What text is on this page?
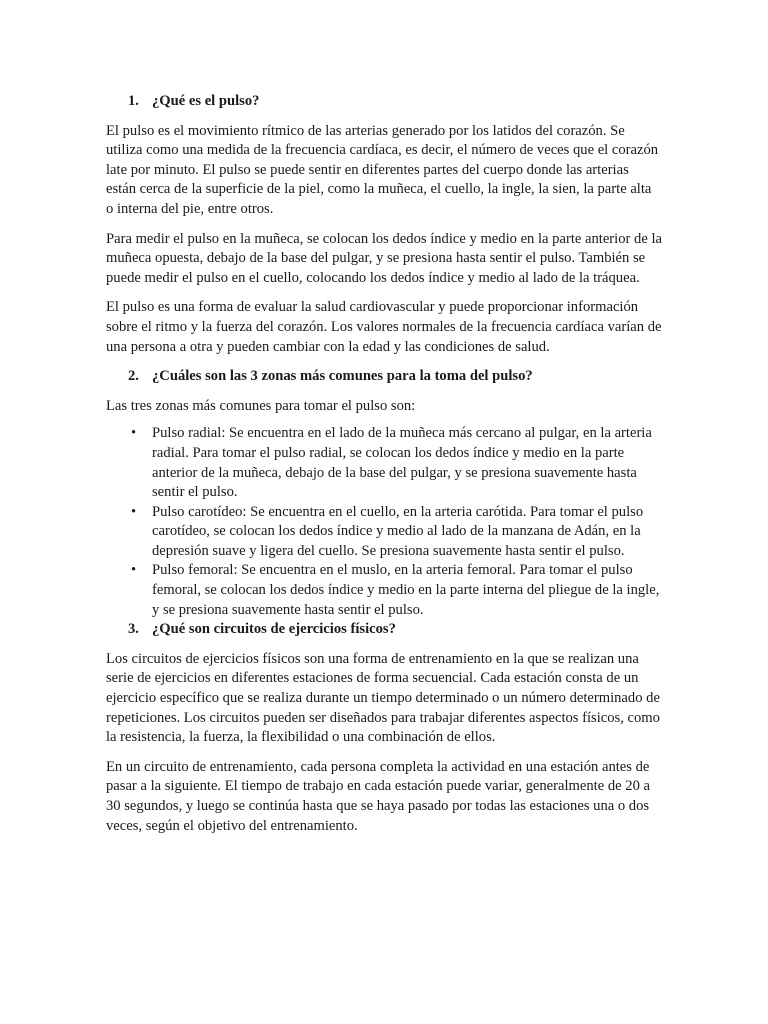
1. ¿Qué es el pulso?

El pulso es el movimiento rítmico de las arterias generado por los latidos del corazón. Se utiliza como una medida de la frecuencia cardíaca, es decir, el número de veces que el corazón late por minuto. El pulso se puede sentir en diferentes partes del cuerpo donde las arterias están cerca de la superficie de la piel, como la muñeca, el cuello, la ingle, la sien, la parte alta o interna del pie, entre otros.

Para medir el pulso en la muñeca, se colocan los dedos índice y medio en la parte anterior de la muñeca opuesta, debajo de la base del pulgar, y se presiona hasta sentir el pulso. También se puede medir el pulso en el cuello, colocando los dedos índice y medio al lado de la tráquea.

El pulso es una forma de evaluar la salud cardiovascular y puede proporcionar información sobre el ritmo y la fuerza del corazón. Los valores normales de la frecuencia cardíaca varían de una persona a otra y pueden cambiar con la edad y las condiciones de salud.

2. ¿Cuáles son las 3 zonas más comunes para la toma del pulso?

Las tres zonas más comunes para tomar el pulso son:

• Pulso radial: Se encuentra en el lado de la muñeca más cercano al pulgar, en la arteria radial. Para tomar el pulso radial, se colocan los dedos índice y medio en la parte anterior de la muñeca, debajo de la base del pulgar, y se presiona suavemente hasta sentir el pulso.
• Pulso carotídeo: Se encuentra en el cuello, en la arteria carótida. Para tomar el pulso carotídeo, se colocan los dedos índice y medio al lado de la manzana de Adán, en la depresión suave y ligera del cuello. Se presiona suavemente hasta sentir el pulso.
• Pulso femoral: Se encuentra en el muslo, en la arteria femoral. Para tomar el pulso femoral, se colocan los dedos índice y medio en la parte interna del pliegue de la ingle, y se presiona suavemente hasta sentir el pulso.
3. ¿Qué son circuitos de ejercicios físicos?

Los circuitos de ejercicios físicos son una forma de entrenamiento en la que se realizan una serie de ejercicios en diferentes estaciones de forma secuencial. Cada estación consta de un ejercicio específico que se realiza durante un tiempo determinado o un número determinado de repeticiones. Los circuitos pueden ser diseñados para trabajar diferentes aspectos físicos, como la resistencia, la fuerza, la flexibilidad o una combinación de ellos.

En un circuito de entrenamiento, cada persona completa la actividad en una estación antes de pasar a la siguiente. El tiempo de trabajo en cada estación puede variar, generalmente de 20 a 30 segundos, y luego se continúa hasta que se haya pasado por todas las estaciones una o dos veces, según el objetivo del entrenamiento.
